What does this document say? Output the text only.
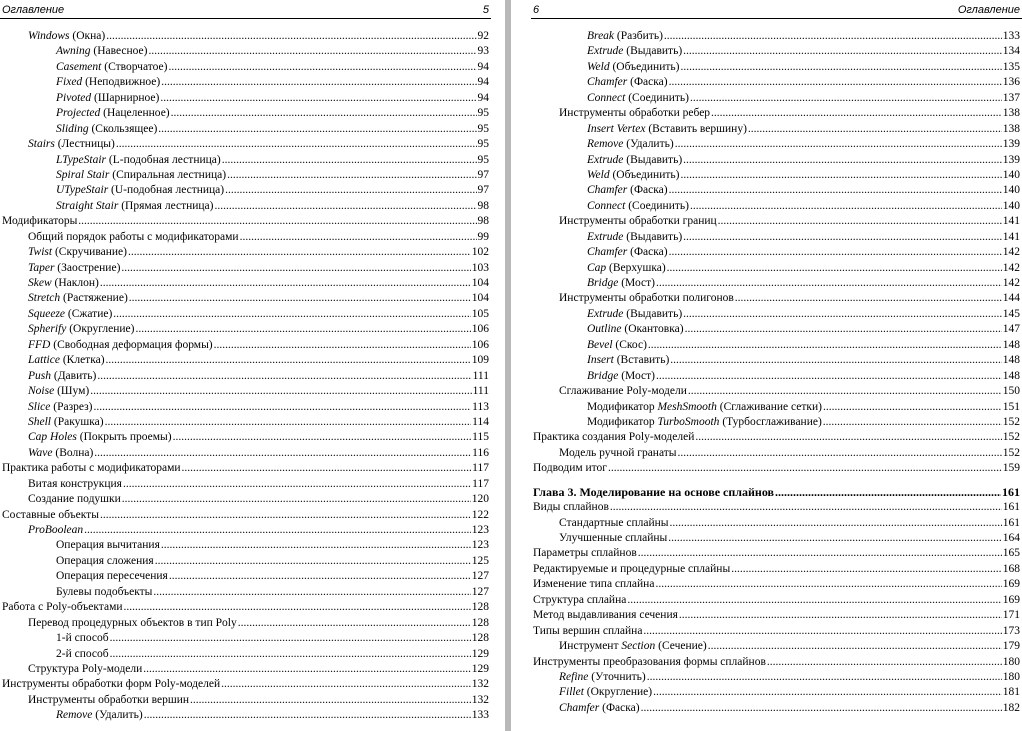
Оглавление	5
Windows (Окна) .....	92
Awning (Навесное) .....	93
Casement (Створчатое) .....	94
Fixed (Неподвижное) .....	94
Pivoted (Шарнирное) .....	94
Projected (Нацеленное) .....	95
Sliding (Скользящее) .....	95
Stairs (Лестницы) .....	95
LTypeStair (L-подобная лестница) .....	95
Spiral Stair (Спиральная лестница) .....	97
UTypeStair (U-подобная лестница) .....	97
Straight Stair (Прямая лестница) .....	98
Модификаторы .....	98
Общий порядок работы с модификаторами .....	99
Twist (Скручивание) .....	102
Taper (Заострение) .....	103
Skew (Наклон) .....	104
Stretch (Растяжение) .....	104
Squeeze (Сжатие) .....	105
Spherify (Округление) .....	106
FFD (Свободная деформация формы) .....	106
Lattice (Клетка) .....	109
Push (Давить) .....	111
Noise (Шум) .....	111
Slice (Разрез) .....	113
Shell (Ракушка) .....	114
Cap Holes (Покрыть проемы) .....	115
Wave (Волна) .....	116
Практика работы с модификаторами .....	117
Витая конструкция .....	117
Создание подушки .....	120
Составные объекты .....	122
ProBoolean .....	123
Операция вычитания .....	123
Операция сложения .....	125
Операция пересечения .....	127
Булевы подобъекты .....	127
Работа с Poly-объектами .....	128
Перевод процедурных объектов в тип Poly .....	128
1-й способ .....	128
2-й способ .....	129
Структура Poly-модели .....	129
Инструменты обработки форм Poly-моделей .....	132
Инструменты обработки вершин .....	132
Remove (Удалить) .....	133
6	Оглавление
Break (Разбить) .....	133
Extrude (Выдавить) .....	134
Weld (Объединить) .....	135
Chamfer (Фаска) .....	136
Connect (Соединить) .....	137
Инструменты обработки ребер .....	138
Insert Vertex (Вставить вершину) .....	138
Remove (Удалить) .....	139
Extrude (Выдавить) .....	139
Weld (Объединить) .....	140
Chamfer (Фаска) .....	140
Connect (Соединить) .....	140
Инструменты обработки границ .....	141
Extrude (Выдавить) .....	141
Chamfer (Фаска) .....	142
Cap (Верхушка) .....	142
Bridge (Мост) .....	142
Инструменты обработки полигонов .....	144
Extrude (Выдавить) .....	145
Outline (Окантовка) .....	147
Bevel (Скос) .....	148
Insert (Вставить) .....	148
Bridge (Мост) .....	148
Сглаживание Poly-модели .....	150
Модификатор MeshSmooth (Сглаживание сетки) .....	151
Модификатор TurboSmooth (Турбосглаживание) .....	152
Практика создания Poly-моделей .....	152
Модель ручной гранаты .....	152
Подводим итог .....	159
Глава 3. Моделирование на основе сплайнов .....	161
Виды сплайнов .....	161
Стандартные сплайны .....	161
Улучшенные сплайны .....	164
Параметры сплайнов .....	165
Редактируемые и процедурные сплайны .....	168
Изменение типа сплайна .....	169
Структура сплайна .....	169
Метод выдавливания сечения .....	171
Типы вершин сплайна .....	173
Инструмент Section (Сечение) .....	179
Инструменты преобразования формы сплайнов .....	180
Refine (Уточнить) .....	180
Fillet (Округление) .....	181
Chamfer (Фаска) .....	182
